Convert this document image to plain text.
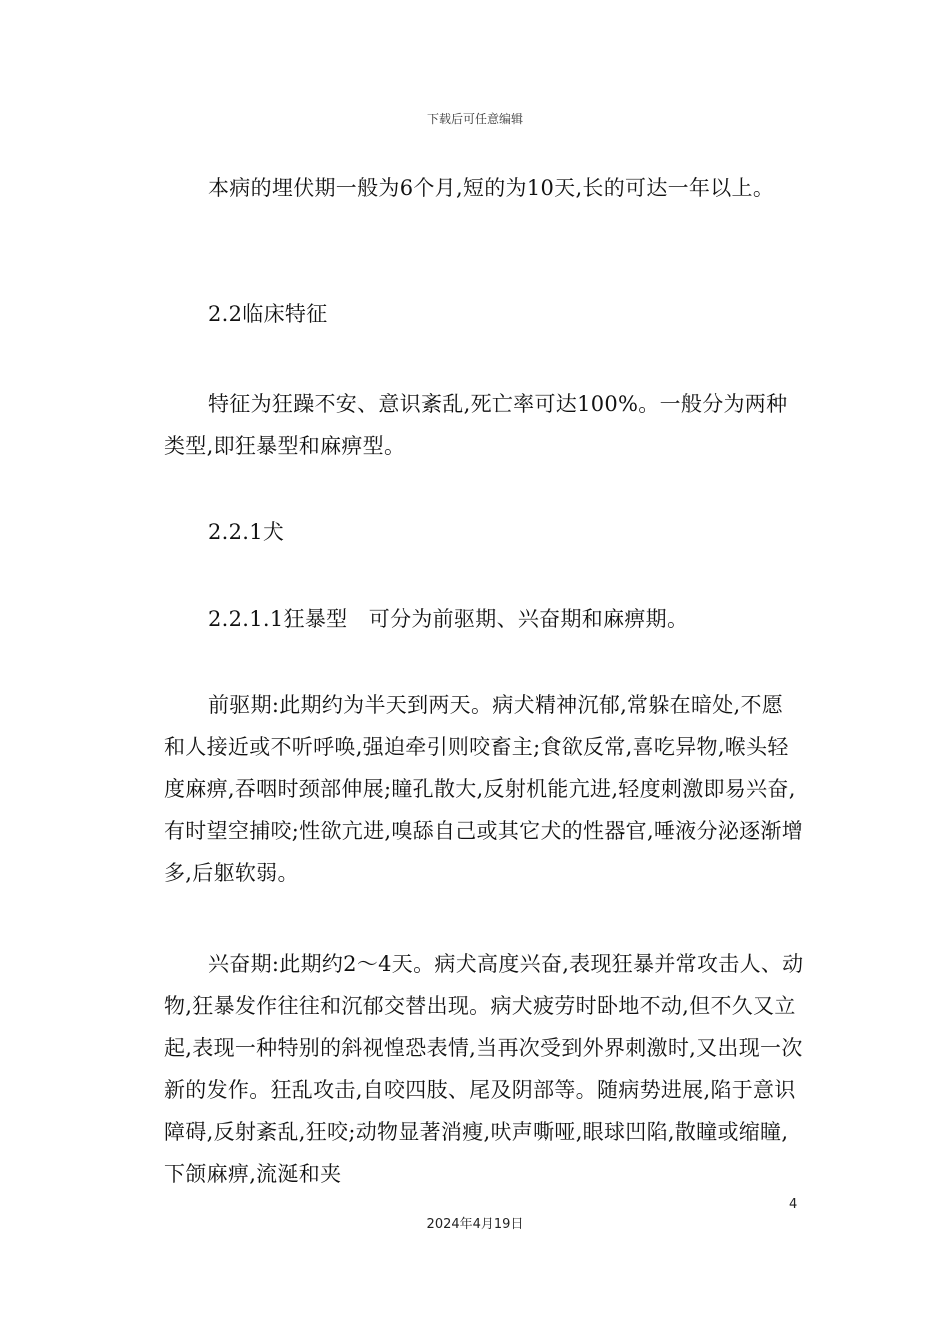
下载后可任意编辑

本病的埋伏期一般为6个月,短的为10天,长的可达一年以上。

2.2临床特征

特征为狂躁不安、意识紊乱,死亡率可达100%。一般分为两种类型,即狂暴型和麻痹型。

2.2.1犬

2.2.1.1狂暴型　可分为前驱期、兴奋期和麻痹期。

前驱期:此期约为半天到两天。病犬精神沉郁,常躲在暗处,不愿和人接近或不听呼唤,强迫牵引则咬畜主;食欲反常,喜吃异物,喉头轻度麻痹,吞咽时颈部伸展;瞳孔散大,反射机能亢进,轻度刺激即易兴奋,有时望空捕咬;性欲亢进,嗅舔自己或其它犬的性器官,唾液分泌逐渐增多,后躯软弱。

兴奋期:此期约2～4天。病犬高度兴奋,表现狂暴并常攻击人、动物,狂暴发作往往和沉郁交替出现。病犬疲劳时卧地不动,但不久又立起,表现一种特别的斜视惶恐表情,当再次受到外界刺激时,又出现一次新的发作。狂乱攻击,自咬四肢、尾及阴部等。随病势进展,陷于意识障碍,反射紊乱,狂咬;动物显著消瘦,吠声嘶哑,眼球凹陷,散瞳或缩瞳,下颌麻痹,流涎和夹

4
2024年4月19日
